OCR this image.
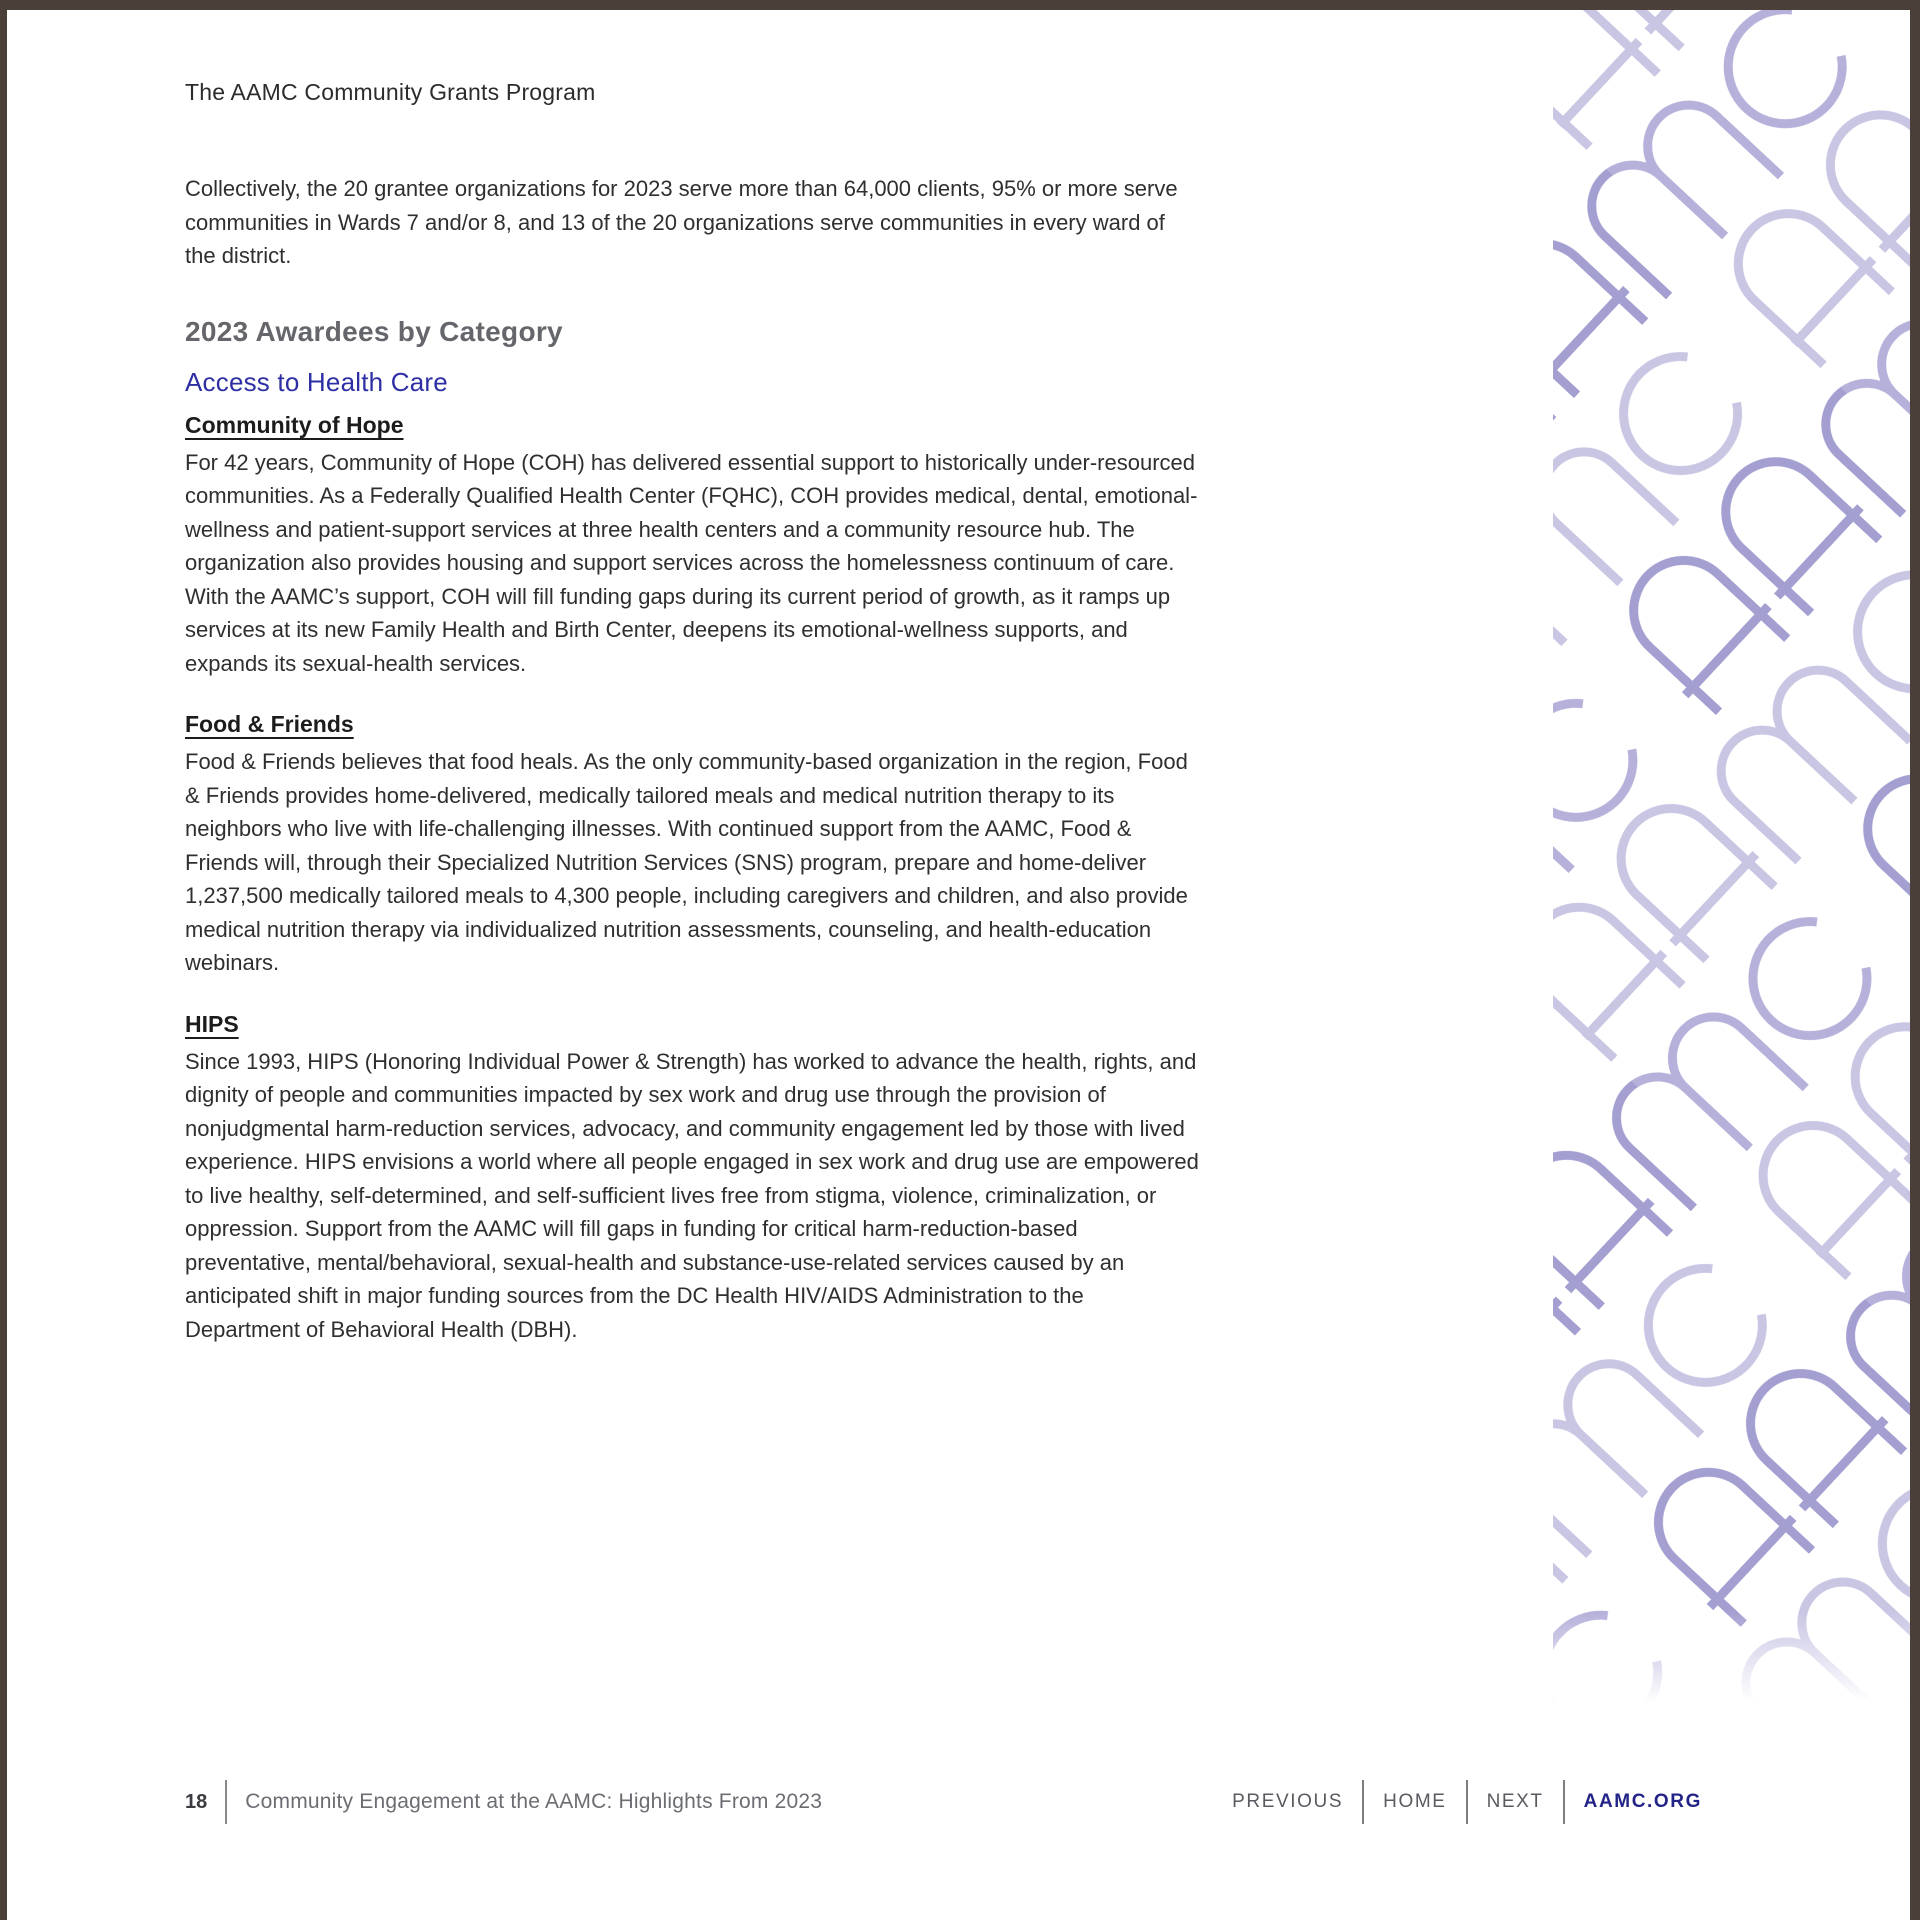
The AAMC Community Grants Program

Collectively, the 20 grantee organizations for 2023 serve more than 64,000 clients, 95% or more serve communities in Wards 7 and/or 8, and 13 of the 20 organizations serve communities in every ward of the district.

2023 Awardees by Category
Access to Health Care
Community of Hope

For 42 years, Community of Hope (COH) has delivered essential support to historically under-resourced communities. As a Federally Qualified Health Center (FQHC), COH provides medical, dental, emotional-wellness and patient-support services at three health centers and a community resource hub. The organization also provides housing and support services across the homelessness continuum of care. With the AAMC’s support, COH will fill funding gaps during its current period of growth, as it ramps up services at its new Family Health and Birth Center, deepens its emotional-wellness supports, and expands its sexual-health services.

Food & Friends

Food & Friends believes that food heals. As the only community-based organization in the region, Food & Friends provides home-delivered, medically tailored meals and medical nutrition therapy to its neighbors who live with life-challenging illnesses. With continued support from the AAMC, Food & Friends will, through their Specialized Nutrition Services (SNS) program, prepare and home-deliver 1,237,500 medically tailored meals to 4,300 people, including caregivers and children, and also provide medical nutrition therapy via individualized nutrition assessments, counseling, and health-education webinars.

HIPS

Since 1993, HIPS (Honoring Individual Power & Strength) has worked to advance the health, rights, and dignity of people and communities impacted by sex work and drug use through the provision of nonjudgmental harm-reduction services, advocacy, and community engagement led by those with lived experience. HIPS envisions a world where all people engaged in sex work and drug use are empowered to live healthy, self-determined, and self-sufficient lives free from stigma, violence, criminalization, or oppression. Support from the AAMC will fill gaps in funding for critical harm-reduction-based preventative, mental/behavioral, sexual-health and substance-use-related services caused by an anticipated shift in major funding sources from the DC Health HIV/AIDS Administration to the Department of Behavioral Health (DBH).

18 Community Engagement at the AAMC: Highlights From 2023	PREVIOUS HOME NEXT AAMC.ORG
